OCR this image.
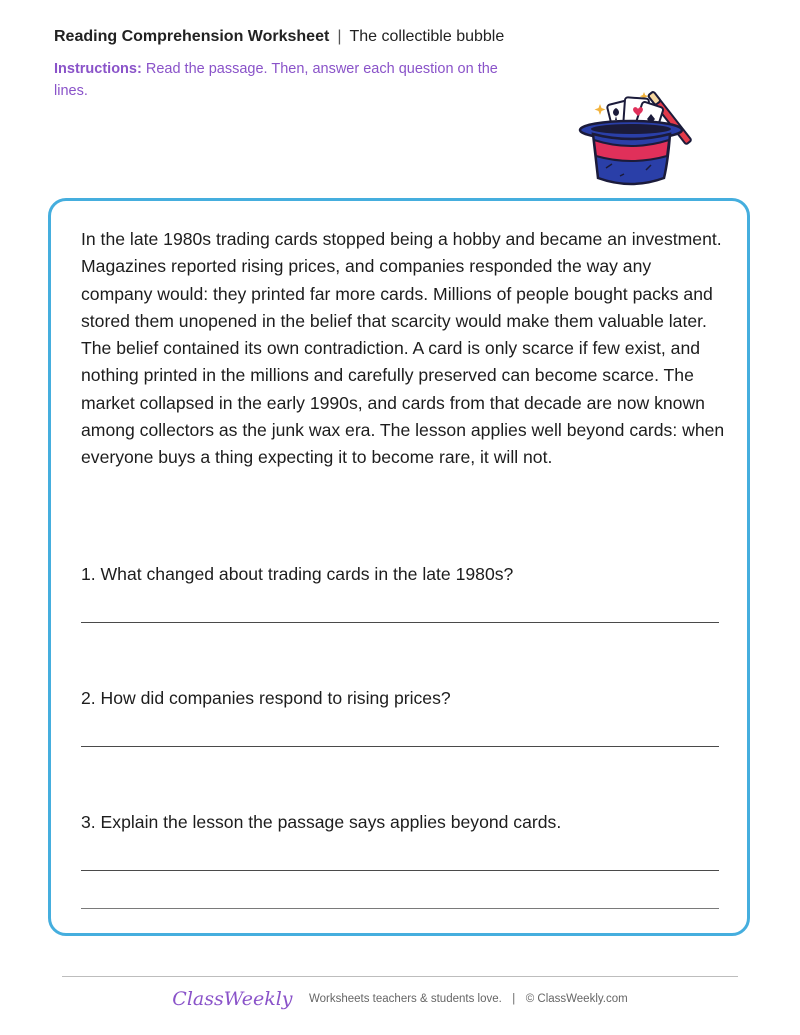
Reading Comprehension Worksheet | The collectible bubble
Instructions: Read the passage. Then, answer each question on the lines.

In the late 1980s trading cards stopped being a hobby and became an investment. Magazines reported rising prices, and companies responded the way any company would: they printed far more cards. Millions of people bought packs and stored them unopened in the belief that scarcity would make them valuable later. The belief contained its own contradiction. A card is only scarce if few exist, and nothing printed in the millions and carefully preserved can become scarce. The market collapsed in the early 1990s, and cards from that decade are now known among collectors as the junk wax era. The lesson applies well beyond cards: when everyone buys a thing expecting it to become rare, it will not.

1. What changed about trading cards in the late 1980s?

2. How did companies respond to rising prices?

3. Explain the lesson the passage says applies beyond cards.

ClassWeekly Worksheets teachers & students love. | © ClassWeekly.com
